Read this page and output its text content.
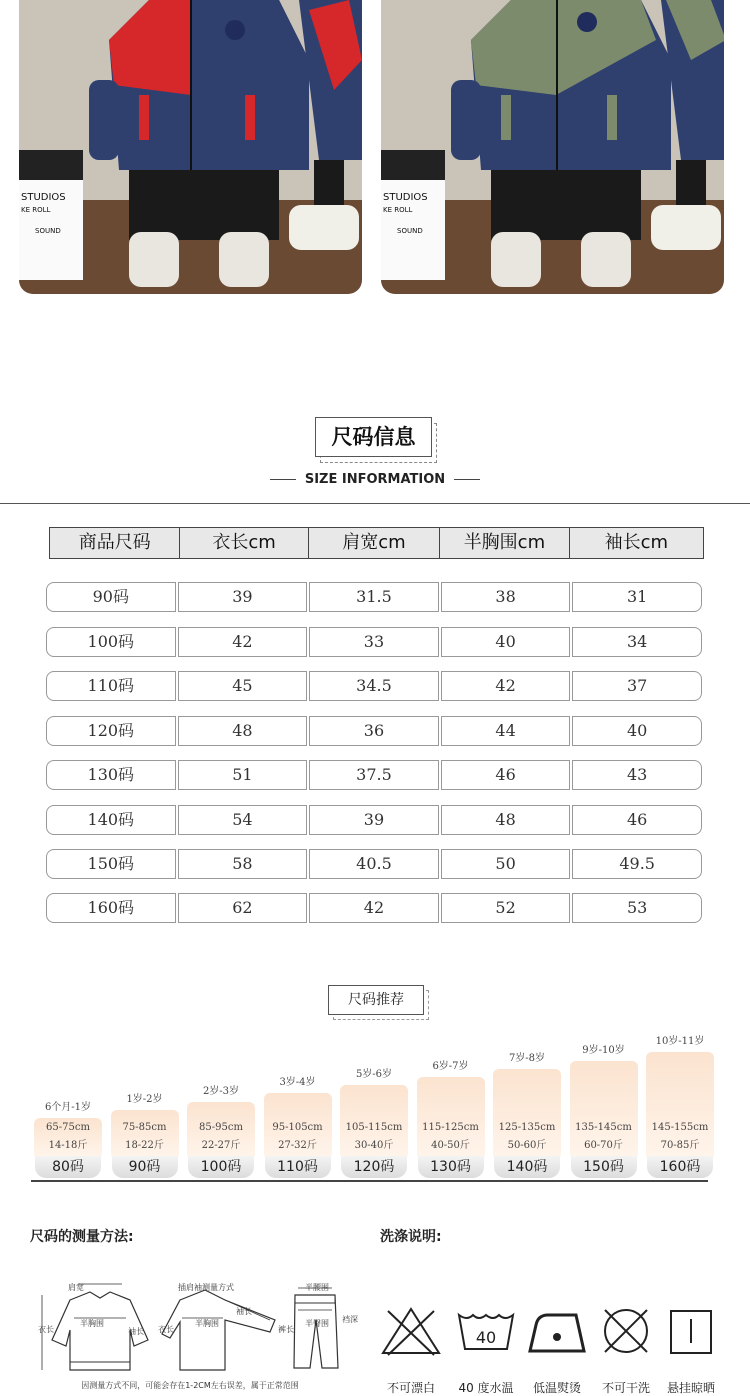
STUDIOS
KE ROLL
SOUND
STUDIOS
KE ROLL
SOUND
尺码信息
SIZE INFORMATION
商品尺码	衣长cm	肩宽cm	半胸围cm	袖长cm
90码	39	31.5	38	31
100码	42	33	40	34
110码	45	34.5	42	37
120码	48	36	44	40
130码	51	37.5	46	43
140码	54	39	48	46
150码	58	40.5	50	49.5
160码	62	42	52	53
尺码推荐
6个月-1岁
65-75cm
14-18斤
80码
1岁-2岁
75-85cm
18-22斤
90码
2岁-3岁
85-95cm
22-27斤
100码
3岁-4岁
95-105cm
27-32斤
110码
5岁-6岁
105-115cm
30-40斤
120码
6岁-7岁
115-125cm
40-50斤
130码
7岁-8岁
125-135cm
50-60斤
140码
9岁-10岁
135-145cm
60-70斤
150码
10岁-11岁
145-155cm
70-85斤
160码
尺码的测量方法:
肩宽	插肩袖测量方式	半腰围
衣长
半胸围
袖长 衣长
半胸围
袖长
裤长
半臀围 裆深
因测量方式不同，可能会存在1-2CM左右误差，属于正常范围
洗涤说明:
不可漂白
40
40 度水温	低温熨烫	不可干洗	悬挂晾晒
